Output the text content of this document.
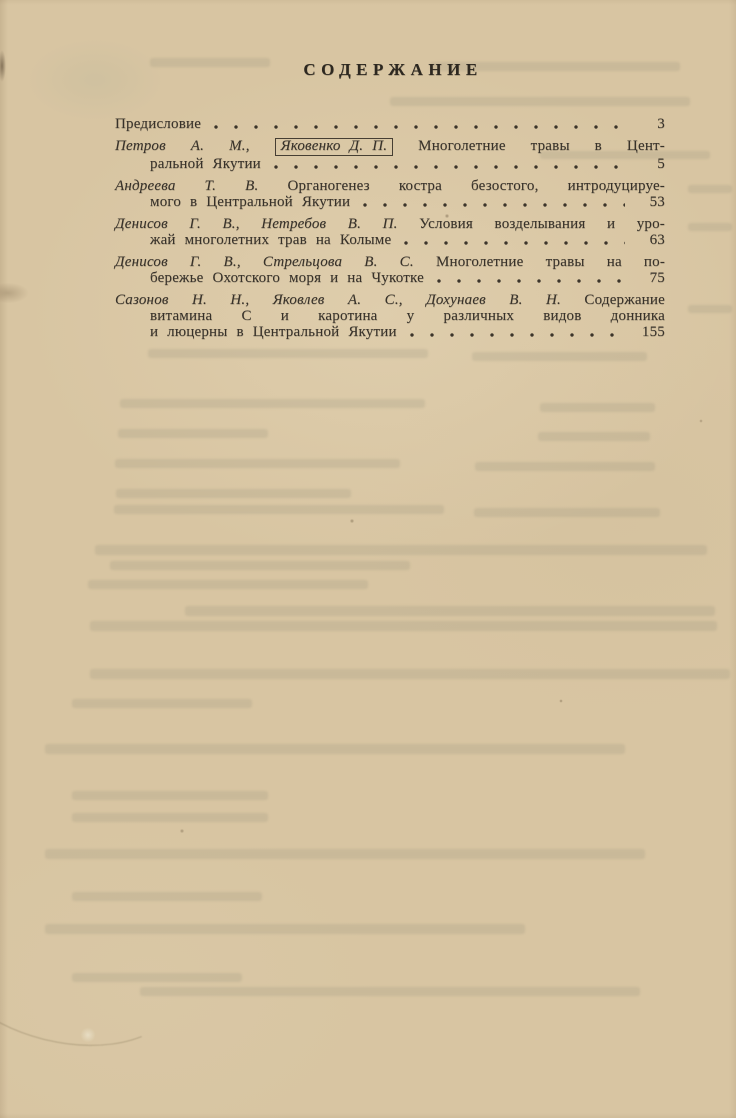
СОДЕРЖАНИЕ
Предисловие	3
Петров А. М., Яковенко Д. П. Многолетние травы в Цент-
ральной Якутии	5
Андреева Т. В. Органогенез костра безостого, интродуцируе-
мого в Центральной Якутии	53
Денисов Г. В., Нетребов В. П. Условия возделывания и уро-
жай многолетних трав на Колыме	63
Денисов Г. В., Стрельцова В. С. Многолетние травы на по-
бережье Охотского моря и на Чукотке	75
Сазонов Н. Н., Яковлев А. С., Дохунаев В. Н. Содержание
витамина С и каротина у различных видов донника
и люцерны в Центральной Якутии	155
